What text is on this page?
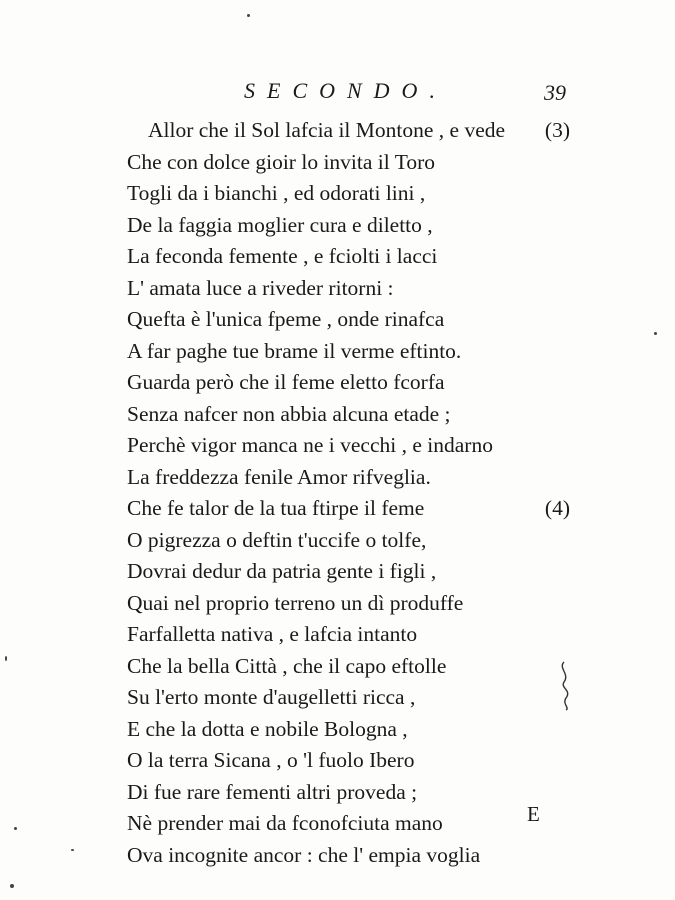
SECONDO.	39
Allor che il Sol lafcia il Montone , e vede (3)
Che con dolce gioir lo invita il Toro
Togli da i bianchi , ed odorati lini ,
De la faggia moglier cura e diletto ,
La feconda femente , e fciolti i lacci
L' amata luce a riveder ritorni :
Quefta è l'unica fpeme , onde rinafca
A far paghe tue brame il verme eftinto.
Guarda però che il feme eletto fcorfa
Senza nafcer non abbia alcuna etade ;
Perchè vigor manca ne i vecchi , e indarno
La freddezza fenile Amor rifveglia.
Che fe talor de la tua ftirpe il feme	(4)
O pigrezza o deftin t'uccife o tolfe,
Dovrai dedur da patria gente i figli ,
Quai nel proprio terreno un dì produffe
Farfalletta nativa , e lafcia intanto
Che la bella Città , che il capo eftolle
Su l'erto monte d'augelletti ricca ,
E che la dotta e nobile Bologna ,
O la terra Sicana , o 'l fuolo Ibero
Di fue rare fementi altri proveda ;
Nè prender mai da fconofciuta mano
Ova incognite ancor : che l' empia voglia
E
